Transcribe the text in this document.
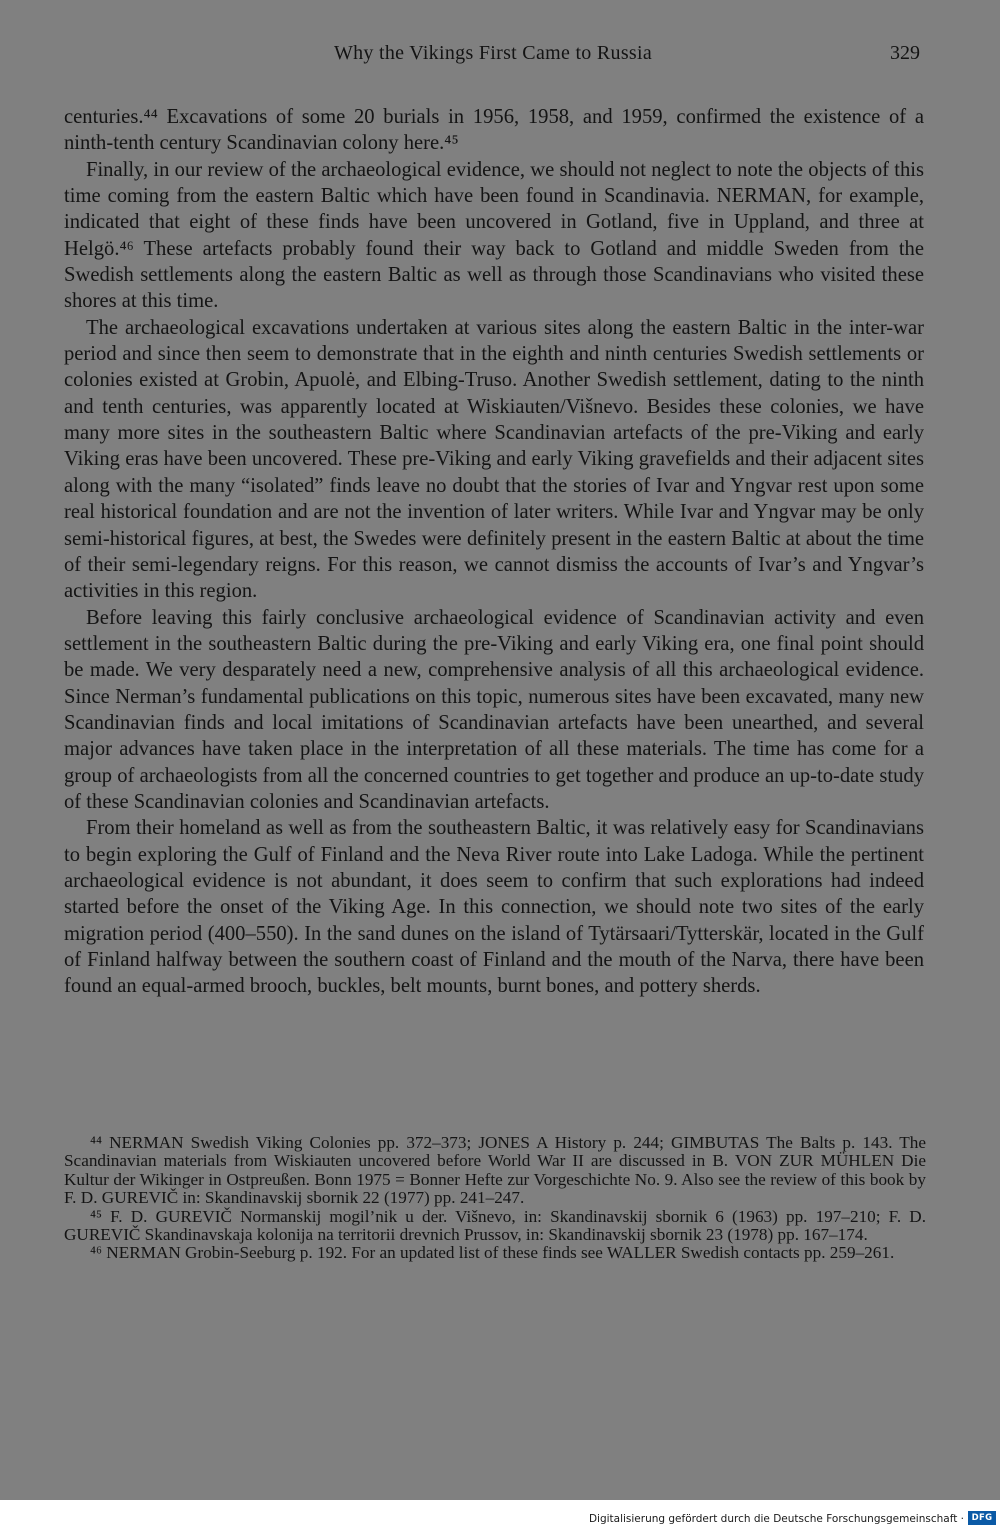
Why the Vikings First Came to Russia	329

centuries.⁴⁴ Excavations of some 20 burials in 1956, 1958, and 1959, confirmed the existence of a ninth-tenth century Scandinavian colony here.⁴⁵

Finally, in our review of the archaeological evidence, we should not neglect to note the objects of this time coming from the eastern Baltic which have been found in Scandinavia. NERMAN, for example, indicated that eight of these finds have been uncovered in Gotland, five in Uppland, and three at Helgö.⁴⁶ These artefacts probably found their way back to Gotland and middle Sweden from the Swedish settlements along the eastern Baltic as well as through those Scandinavians who visited these shores at this time.

The archaeological excavations undertaken at various sites along the eastern Baltic in the inter-war period and since then seem to demonstrate that in the eighth and ninth centuries Swedish settlements or colonies existed at Grobin, Apuolė, and Elbing-Truso. Another Swedish settlement, dating to the ninth and tenth centuries, was apparently located at Wiskiauten/Višnevo. Besides these colonies, we have many more sites in the southeastern Baltic where Scandinavian artefacts of the pre-Viking and early Viking eras have been uncovered. These pre-Viking and early Viking gravefields and their adjacent sites along with the many “isolated” finds leave no doubt that the stories of Ivar and Yngvar rest upon some real historical foundation and are not the invention of later writers. While Ivar and Yngvar may be only semi-historical figures, at best, the Swedes were definitely present in the eastern Baltic at about the time of their semi-legendary reigns. For this reason, we cannot dismiss the accounts of Ivar’s and Yngvar’s activities in this region.

Before leaving this fairly conclusive archaeological evidence of Scandinavian activity and even settlement in the southeastern Baltic during the pre-Viking and early Viking era, one final point should be made. We very desparately need a new, comprehensive analysis of all this archaeological evidence. Since Nerman’s fundamental publications on this topic, numerous sites have been excavated, many new Scandinavian finds and local imitations of Scandinavian artefacts have been unearthed, and several major advances have taken place in the interpretation of all these materials. The time has come for a group of archaeologists from all the concerned countries to get together and produce an up-to-date study of these Scandinavian colonies and Scandinavian artefacts.

From their homeland as well as from the southeastern Baltic, it was relatively easy for Scandinavians to begin exploring the Gulf of Finland and the Neva River route into Lake Ladoga. While the pertinent archaeological evidence is not abundant, it does seem to confirm that such explorations had indeed started before the onset of the Viking Age. In this connection, we should note two sites of the early migration period (400–550). In the sand dunes on the island of Tytärsaari/Tytterskär, located in the Gulf of Finland halfway between the southern coast of Finland and the mouth of the Narva, there have been found an equal-armed brooch, buckles, belt mounts, burnt bones, and pottery sherds.

⁴⁴ NERMAN Swedish Viking Colonies pp. 372–373; JONES A History p. 244; GIMBUTAS The Balts p. 143. The Scandinavian materials from Wiskiauten uncovered before World War II are discussed in B. VON ZUR MÜHLEN Die Kultur der Wikinger in Ostpreußen. Bonn 1975 = Bonner Hefte zur Vorgeschichte No. 9. Also see the review of this book by F. D. GUREVIČ in: Skandinavskij sbornik 22 (1977) pp. 241–247.

⁴⁵ F. D. GUREVIČ Normanskij mogil’nik u der. Višnevo, in: Skandinavskij sbornik 6 (1963) pp. 197–210; F. D. GUREVIČ Skandinavskaja kolonija na territorii drevnich Prussov, in: Skandinavskij sbornik 23 (1978) pp. 167–174.

⁴⁶ NERMAN Grobin-Seeburg p. 192. For an updated list of these finds see WALLER Swedish contacts pp. 259–261.

Digitalisierung gefördert durch die Deutsche Forschungsgemeinschaft · DFG
